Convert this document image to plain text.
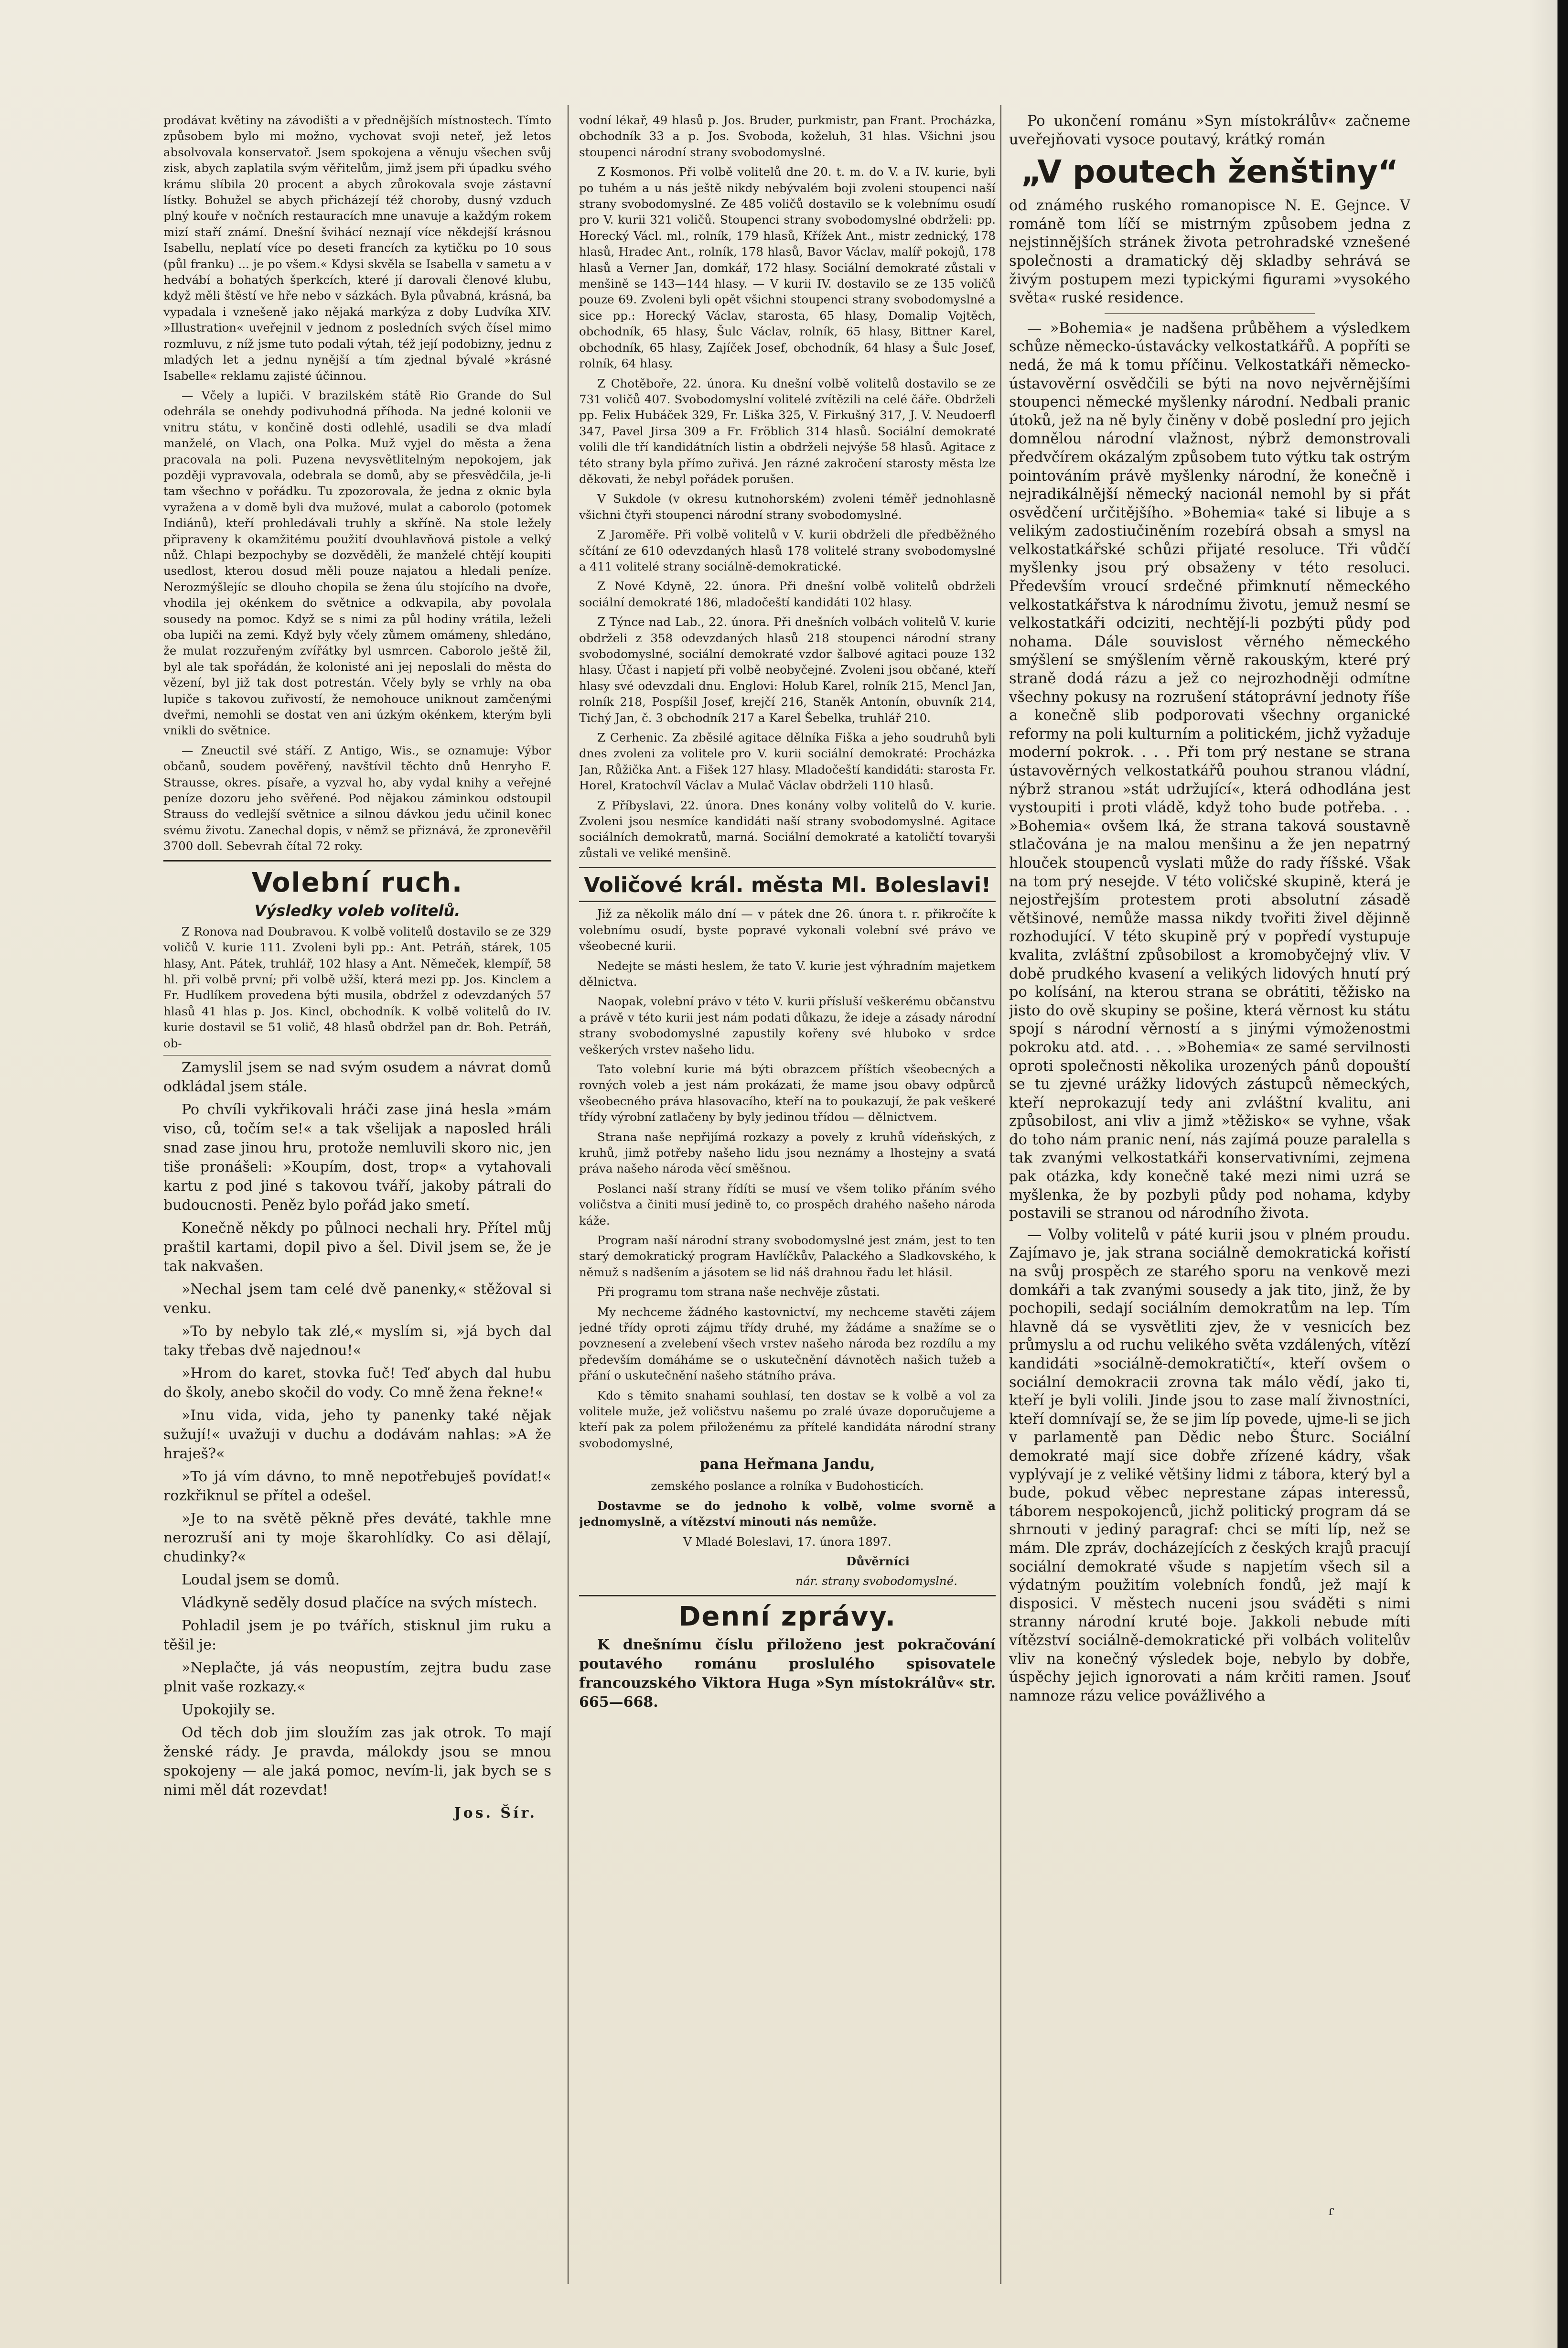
prodávat květiny na závodišti a v přednějších místnostech. Tímto způsobem bylo mi možno, vychovat svoji neteř, jež letos absolvovala konservatoř. Jsem spokojena a věnuju všechen svůj zisk, abych zaplatila svým věřitelům, jimž jsem při úpadku svého krámu slíbila 20 procent a abych zůrokovala svoje zástavní lístky. Bohužel se abych přicházejí též choroby, dusný vzduch plný kouře v nočních restauracích mne unavuje a každým rokem mizí staří známí. Dnešní švihácí neznají více někdejší krásnou Isabellu, neplatí více po deseti francích za kytičku po 10 sous (půl franku) ... je po všem.« Kdysi skvěla se Isabella v sametu a v hedvábí a bohatých šperkcích, které jí darovali členové klubu, když měli štěstí ve hře nebo v sázkách. Byla půvabná, krásná, ba vypadala i vznešeně jako nějaká markýza z doby Ludvíka XIV. »Illustration« uveřejnil v jednom z posledních svých čísel mimo rozmluvu, z níž jsme tuto podali výtah, též její podobizny, jednu z mladých let a jednu nynější a tím zjednal bývalé »krásné Isabelle« reklamu zajisté účinnou.

— Včely a lupiči. V brazilském státě Rio Grande do Sul odehrála se onehdy podivuhodná příhoda. Na jedné kolonii ve vnitru státu, v končině dosti odlehlé, usadili se dva mladí manželé, on Vlach, ona Polka. Muž vyjel do města a žena pracovala na poli. Puzena nevysvětlitelným nepokojem, jak později vypravovala, odebrala se domů, aby se přesvědčila, je-li tam všechno v pořádku. Tu zpozorovala, že jedna z oknic byla vyražena a v domě byli dva mužové, mulat a caborolo (potomek Indiánů), kteří prohledávali truhly a skříně. Na stole ležely připraveny k okamžitému použití dvouhlavňová pistole a velký nůž. Chlapi bezpochyby se dozvěděli, že manželé chtějí koupiti usedlost, kterou dosud měli pouze najatou a hledali peníze. Nerozmýšlejíc se dlouho chopila se žena úlu stojícího na dvoře, vhodila jej okénkem do světnice a odkvapila, aby povolala sousedy na pomoc. Když se s nimi za půl hodiny vrátila, leželi oba lupiči na zemi. Když byly včely zůmem omámeny, shledáno, že mulat rozzuřeným zvířátky byl usmrcen. Caborolo ještě žil, byl ale tak spořádán, že kolonisté ani jej neposlali do města do vězení, byl již tak dost potrestán. Včely byly se vrhly na oba lupiče s takovou zuřivostí, že nemohouce uniknout zamčenými dveřmi, nemohli se dostat ven ani úzkým okénkem, kterým byli vnikli do světnice.

— Zneuctil své stáří. Z Antigo, Wis., se oznamuje: Výbor občanů, soudem pověřený, navštívil těchto dnů Henryho F. Strausse, okres. písaře, a vyzval ho, aby vydal knihy a veřejné peníze dozoru jeho svěřené. Pod nějakou záminkou odstoupil Strauss do vedlejší světnice a silnou dávkou jedu učinil konec svému životu. Zanechal dopis, v němž se přiznává, že zpronevěřil 3700 doll. Sebevrah čítal 72 roky.

Volební ruch.
Výsledky voleb volitelů.

Z Ronova nad Doubravou. K volbě volitelů dostavilo se ze 329 voličů V. kurie 111. Zvoleni byli pp.: Ant. Petráň, stárek, 105 hlasy, Ant. Pátek, truhlář, 102 hlasy a Ant. Němeček, klempíř, 58 hl. při volbě první; při volbě užší, která mezi pp. Jos. Kinclem a Fr. Hudlíkem provedena býti musila, obdržel z odevzdaných 57 hlasů 41 hlas p. Jos. Kincl, obchodník. K volbě volitelů do IV. kurie dostavil se 51 volič, 48 hlasů obdržel pan dr. Boh. Petráň, ob-

Zamyslil jsem se nad svým osudem a návrat domů odkládal jsem stále.

Po chvíli vykřikovali hráči zase jiná hesla »mám viso, ců, točím se!« a tak všelijak a naposled hráli snad zase jinou hru, protože nemluvili skoro nic, jen tiše pronášeli: »Koupím, dost, trop« a vytahovali kartu z pod jiné s takovou tváří, jakoby pátrali do budoucnosti. Peněz bylo pořád jako smetí.

Konečně někdy po půlnoci nechali hry. Přítel můj praštil kartami, dopil pivo a šel. Divil jsem se, že je tak nakvašen.

»Nechal jsem tam celé dvě panenky,« stěžoval si venku.

»To by nebylo tak zlé,« myslím si, »já bych dal taky třebas dvě najednou!«

»Hrom do karet, stovka fuč! Teď abych dal hubu do školy, anebo skočil do vody. Co mně žena řekne!«

»Inu vida, vida, jeho ty panenky také nějak sužují!« uvažuji v duchu a dodávám nahlas: »A že hraješ?«

»To já vím dávno, to mně nepotřebuješ povídat!« rozkřiknul se přítel a odešel.

»Je to na světě pěkně přes deváté, takhle mne nerozruší ani ty moje škarohlídky. Co asi dělají, chudinky?«

Loudal jsem se domů.

Vládkyně seděly dosud plačíce na svých místech.

Pohladil jsem je po tvářích, stisknul jim ruku a těšil je:

»Neplačte, já vás neopustím, zejtra budu zase plnit vaše rozkazy.«

Upokojily se.

Od těch dob jim sloužím zas jak otrok. To mají ženské rády. Je pravda, málokdy jsou se mnou spokojeny — ale jaká pomoc, nevím-li, jak bych se s nimi měl dát rozevdat!

Jos. Šír.

vodní lékař, 49 hlasů p. Jos. Bruder, purkmistr, pan Frant. Procházka, obchodník 33 a p. Jos. Svoboda, koželuh, 31 hlas. Všichni jsou stoupenci národní strany svobodomyslné.

Z Kosmonos. Při volbě volitelů dne 20. t. m. do V. a IV. kurie, byli po tuhém a u nás ještě nikdy nebývalém boji zvoleni stoupenci naší strany svobodomyslné. Ze 485 voličů dostavilo se k volebnímu osudí pro V. kurii 321 voličů. Stoupenci strany svobodomyslné obdrželi: pp. Horecký Václ. ml., rolník, 179 hlasů, Křížek Ant., mistr zednický, 178 hlasů, Hradec Ant., rolník, 178 hlasů, Bavor Václav, malíř pokojů, 178 hlasů a Verner Jan, domkář, 172 hlasy. Sociální demokraté zůstali v menšině se 143—144 hlasy. — V kurii IV. dostavilo se ze 135 voličů pouze 69. Zvoleni byli opět všichni stoupenci strany svobodomyslné a sice pp.: Horecký Václav, starosta, 65 hlasy, Domalip Vojtěch, obchodník, 65 hlasy, Šulc Václav, rolník, 65 hlasy, Bittner Karel, obchodník, 65 hlasy, Zajíček Josef, obchodník, 64 hlasy a Šulc Josef, rolník, 64 hlasy.

Z Chotěboře, 22. února. Ku dnešní volbě volitelů dostavilo se ze 731 voličů 407. Svobodomyslní volitelé zvítězili na celé čáře. Obdrželi pp. Felix Hubáček 329, Fr. Liška 325, V. Firkušný 317, J. V. Neudoerfl 347, Pavel Jirsa 309 a Fr. Fröblich 314 hlasů. Sociální demokraté volili dle tří kandidátních listin a obdrželi nejvýše 58 hlasů. Agitace z této strany byla přímo zuřivá. Jen rázné zakročení starosty města lze děkovati, že nebyl pořádek porušen.

V Sukdole (v okresu kutnohorském) zvoleni téměř jednohlasně všichni čtyři stoupenci národní strany svobodomyslné.

Z Jaroměře. Při volbě volitelů v V. kurii obdrželi dle předběžného sčítání ze 610 odevzdaných hlasů 178 volitelé strany svobodomyslné a 411 volitelé strany sociálně-demokratické.

Z Nové Kdyně, 22. února. Při dnešní volbě volitelů obdrželi sociální demokraté 186, mladočeští kandidáti 102 hlasy.

Z Týnce nad Lab., 22. února. Při dnešních volbách volitelů V. kurie obdrželi z 358 odevzdaných hlasů 218 stoupenci národní strany svobodomyslné, sociální demokraté vzdor šalbové agitaci pouze 132 hlasy. Účast i napjetí při volbě neobyčejné. Zvoleni jsou občané, kteří hlasy své odevzdali dnu. Englovi: Holub Karel, rolník 215, Mencl Jan, rolník 218, Pospíšil Josef, krejčí 216, Staněk Antonín, obuvník 214, Tichý Jan, č. 3 obchodník 217 a Karel Šebelka, truhlář 210.

Z Cerhenic. Za zběsilé agitace dělníka Fiška a jeho soudruhů byli dnes zvoleni za volitele pro V. kurii sociální demokraté: Procházka Jan, Růžička Ant. a Fišek 127 hlasy. Mladočeští kandidáti: starosta Fr. Horel, Kratochvíl Václav a Mulač Václav obdrželi 110 hlasů.

Z Příbyslavi, 22. února. Dnes konány volby volitelů do V. kurie. Zvoleni jsou nesmíce kandidáti naší strany svobodomyslné. Agitace sociálních demokratů, marná. Sociální demokraté a katoličtí tovaryši zůstali ve veliké menšině.

Voličové král. města Ml. Boleslavi!

Již za několik málo dní — v pátek dne 26. února t. r. přikročíte k volebnímu osudí, byste popravé vykonali volební své právo ve všeobecné kurii.

Nedejte se másti heslem, že tato V. kurie jest výhradním majetkem dělnictva.

Naopak, volební právo v této V. kurii přísluší veškerému občanstvu a právě v této kurii jest nám podati důkazu, že ideje a zásady národní strany svobodomyslné zapustily kořeny své hluboko v srdce veškerých vrstev našeho lidu.

Tato volební kurie má býti obrazcem příštích všeobecných a rovných voleb a jest nám prokázati, že mame jsou obavy odpůrců všeobecného práva hlasovacího, kteří na to poukazují, že pak veškeré třídy výrobní zatlačeny by byly jedinou třídou — dělnictvem.

Strana naše nepřijímá rozkazy a povely z kruhů vídeňských, z kruhů, jimž potřeby našeho lidu jsou neznámy a lhostejny a svatá práva našeho národa věcí směšnou.

Poslanci naší strany řídíti se musí ve všem toliko přáním svého voličstva a činiti musí jedině to, co prospěch drahého našeho národa káže.

Program naší národní strany svobodomyslné jest znám, jest to ten starý demokratický program Havlíčkův, Palackého a Sladkovského, k němuž s nadšením a jásotem se lid náš drahnou řadu let hlásil.

Při programu tom strana naše nechvěje zůstati.

My nechceme žádného kastovnictví, my nechceme stavěti zájem jedné třídy oproti zájmu třídy druhé, my žádáme a snažíme se o povznesení a zvelebení všech vrstev našeho národa bez rozdílu a my především domáháme se o uskutečnění dávnotěch našich tužeb a přání o uskutečnění našeho státního práva.

Kdo s těmito snahami souhlasí, ten dostav se k volbě a vol za volitele muže, jež voličstvu našemu po zralé úvaze doporučujeme a kteří pak za polem přiloženému za přítelé kandidáta národní strany svobodomyslné,

pana Heřmana Jandu,

zemského poslance a rolníka v Budohosticích.

Dostavme se do jednoho k volbě, volme svorně a jednomyslně, a vítězství minouti nás nemůže.

V Mladé Boleslavi, 17. února 1897.

Důvěrníci

nár. strany svobodomyslné.

Denní zprávy.

K dnešnímu číslu přiloženo jest pokračování poutavého románu proslulého spisovatele francouzského Viktora Huga »Syn místokrálův« str. 665—668.

Po ukončení románu »Syn místokrálův« začneme uveřejňovati vysoce poutavý, krátký román

„V poutech ženštiny“

od známého ruského romanopisce N. E. Gejnce. V románě tom líčí se mistrným způsobem jedna z nejstinnějších stránek života petrohradské vznešené společnosti a dramatický děj skladby sehrává se živým postupem mezi typickými figurami »vysokého světa« ruské residence.

— »Bohemia« je nadšena průběhem a výsledkem schůze německo-ústavácky velkostatkářů. A popříti se nedá, že má k tomu příčinu. Velkostatkáři německo-ústavověrní osvědčili se býti na novo nejvěrnějšími stoupenci německé myšlenky národní. Nedbali pranic útoků, jež na ně byly činěny v době poslední pro jejich domnělou národní vlažnost, nýbrž demonstrovali předvčírem okázalým způsobem tuto výtku tak ostrým pointováním právě myšlenky národní, že konečně i nejradikálnější německý nacionál nemohl by si přát osvědčení určitějšího. »Bohemia« také si libuje a s velikým zadostiučiněním rozebírá obsah a smysl na velkostatkářské schůzi přijaté resoluce. Tři vůdčí myšlenky jsou prý obsaženy v této resoluci. Především vroucí srdečné přimknutí německého velkostatkářstva k národnímu životu, jemuž nesmí se velkostatkáři odciziti, nechtějí-li pozbýti půdy pod nohama. Dále souvislost věrného německého smýšlení se smýšlením věrně rakouským, které prý straně dodá rázu a jež co nejrozhodněji odmítne všechny pokusy na rozrušení státoprávní jednoty říše a konečně slib podporovati všechny organické reformy na poli kulturním a politickém, jichž vyžaduje moderní pokrok. . . . Při tom prý nestane se strana ústavověrných velkostatkářů pouhou stranou vládní, nýbrž stranou »stát udržující«, která odhodlána jest vystoupiti i proti vládě, když toho bude potřeba. . . »Bohemia« ovšem lká, že strana taková soustavně stlačována je na malou menšinu a že jen nepatrný hlouček stoupenců vyslati může do rady říšské. Však na tom prý nesejde. V této voličské skupině, která je nejostřejším protestem proti absolutní zásadě většinové, nemůže massa nikdy tvořiti živel dějinně rozhodující. V této skupině prý v popředí vystupuje kvalita, zvláštní způsobilost a kromobyčejný vliv. V době prudkého kvasení a velikých lidových hnutí prý po kolísání, na kterou strana se obrátiti, těžisko na jisto do ově skupiny se pošine, která věrnost ku státu spojí s národní věrností a s jinými výmoženostmi pokroku atd. atd. . . . »Bohemia« ze samé servilnosti oproti společnosti několika urozených pánů dopouští se tu zjevné urážky lidových zástupců německých, kteří neprokazují tedy ani zvláštní kvalitu, ani způsobilost, ani vliv a jimž »těžisko« se vyhne, však do toho nám pranic není, nás zajímá pouze paralella s tak zvanými velkostatkáři konservativními, zejmena pak otázka, kdy konečně také mezi nimi uzrá se myšlenka, že by pozbyli půdy pod nohama, kdyby postavili se stranou od národního života.

— Volby volitelů v páté kurii jsou v plném proudu. Zajímavo je, jak strana sociálně demokratická kořistí na svůj prospěch ze starého sporu na venkově mezi domkáři a tak zvanými sousedy a jak tito, jinž, že by pochopili, sedají sociálním demokratům na lep. Tím hlavně dá se vysvětliti zjev, že v vesnicích bez průmyslu a od ruchu velikého světa vzdálených, vítězí kandidáti »sociálně-demokratičtí«, kteří ovšem o sociální demokracii zrovna tak málo vědí, jako ti, kteří je byli volili. Jinde jsou to zase malí živnostníci, kteří domnívají se, že se jim líp povede, ujme-li se jich v parlamentě pan Dědic nebo Šturc. Sociální demokraté mají sice dobře zřízené kádry, však vyplývají je z veliké většiny lidmi z tábora, který byl a bude, pokud věbec neprestane zápas interessů, táborem nespokojenců, jichž politický program dá se shrnouti v jediný paragraf: chci se míti líp, než se mám. Dle zpráv, docházejících z českých krajů pracují sociální demokraté všude s napjetím všech sil a výdatným použitím volebních fondů, jež mají k disposici. V městech nuceni jsou sváděti s nimi stranny národní kruté boje. Jakkoli nebude míti vítězství sociálně-demokratické při volbách volitelův vliv na konečný výsledek boje, nebylo by dobře, úspěchy jejich ignorovati a nám krčiti ramen. Jsouť namnoze rázu velice povážlivého a

ɾ
